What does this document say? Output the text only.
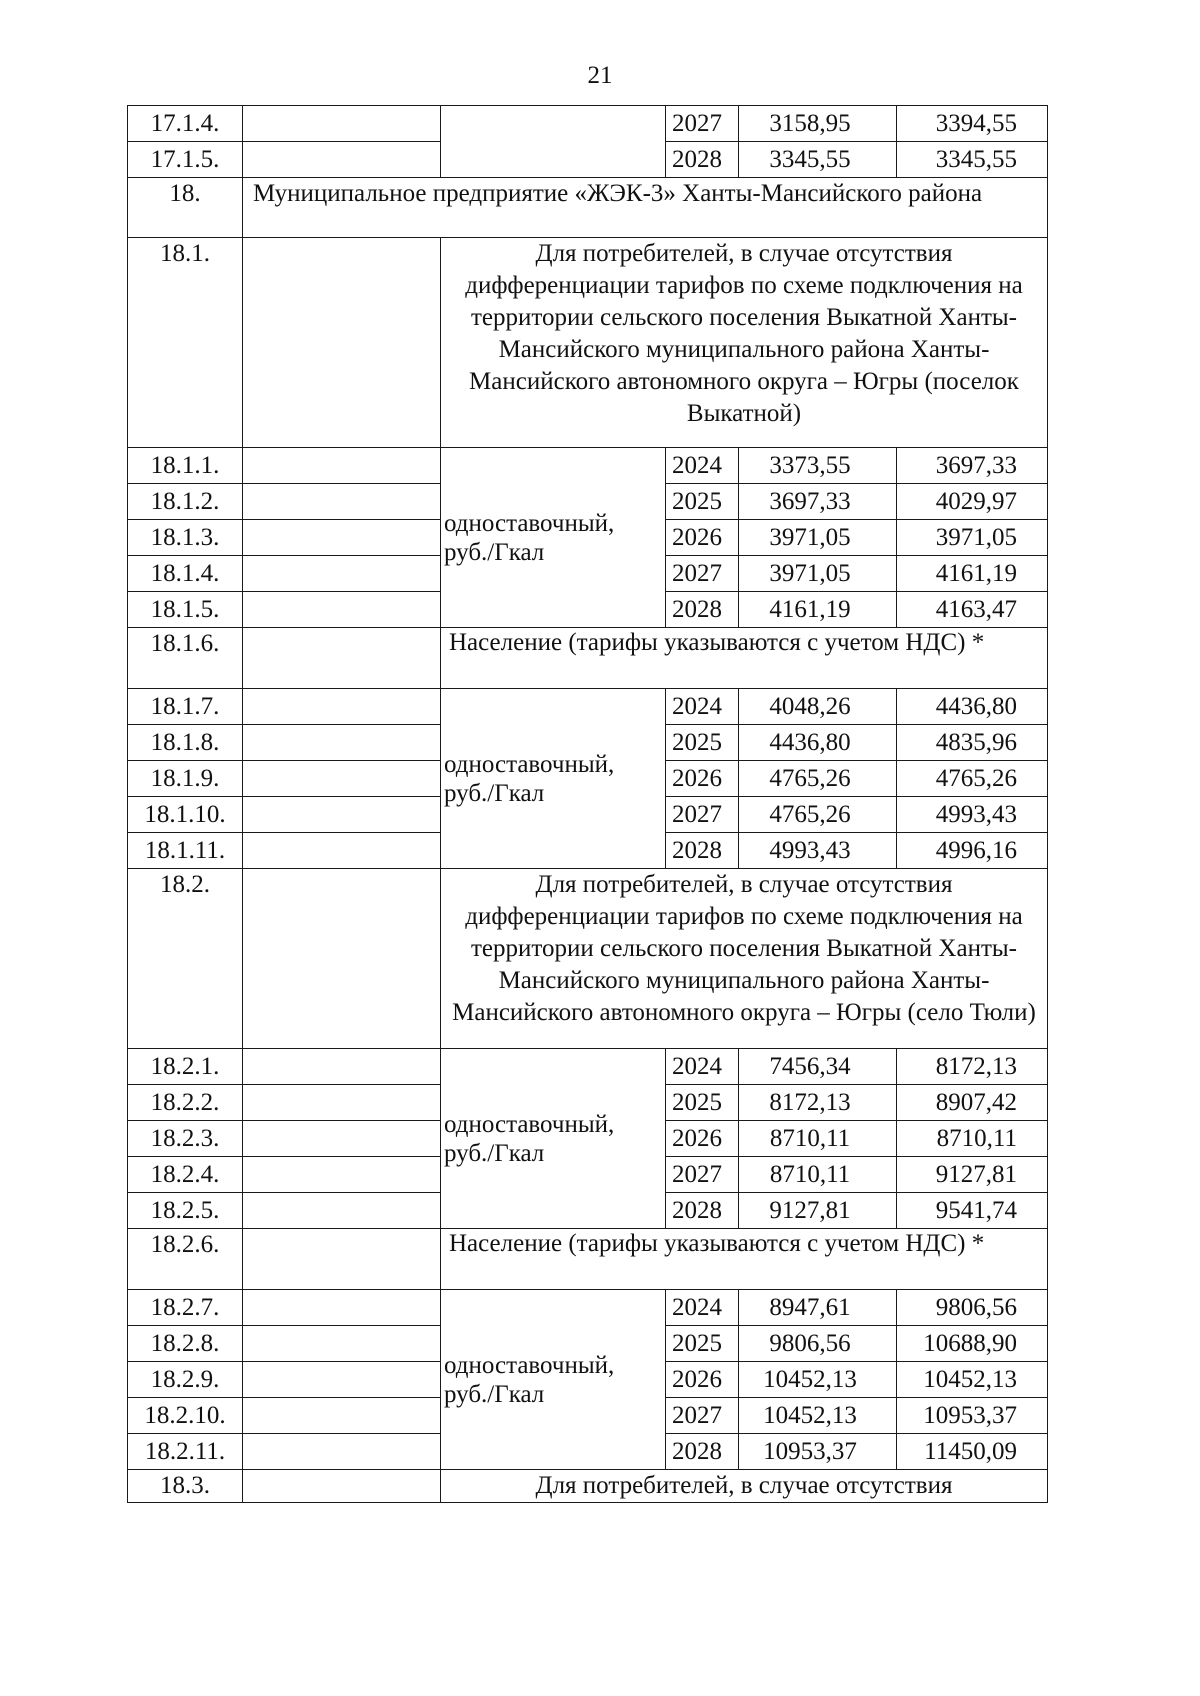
21
17.1.4.			2027	3158,95	3394,55
17.1.5.			2028	3345,55	3345,55
18.	Муниципальное предприятие «ЖЭК-3» Ханты-Мансийского района				
18.1.		Для потребителей, в случае отсутствия дифференциации тарифов по схеме подключения на территории сельского поселения Выкатной Ханты-Мансийского муниципального района Ханты-Мансийского автономного округа – Югры (поселок Выкатной)			
18.1.1.		одноставочный, руб./Гкал	2024	3373,55	3697,33
18.1.2.			2025	3697,33	4029,97
18.1.3.			2026	3971,05	3971,05
18.1.4.			2027	3971,05	4161,19
18.1.5.			2028	4161,19	4163,47
18.1.6.		Население (тарифы указываются с учетом НДС) *			
18.1.7.		одноставочный, руб./Гкал	2024	4048,26	4436,80
18.1.8.			2025	4436,80	4835,96
18.1.9.			2026	4765,26	4765,26
18.1.10.			2027	4765,26	4993,43
18.1.11.			2028	4993,43	4996,16
18.2.		Для потребителей, в случае отсутствия дифференциации тарифов по схеме подключения на территории сельского поселения Выкатной Ханты-Мансийского муниципального района Ханты-Мансийского автономного округа – Югры (село Тюли)			
18.2.1.		одноставочный, руб./Гкал	2024	7456,34	8172,13
18.2.2.			2025	8172,13	8907,42
18.2.3.			2026	8710,11	8710,11
18.2.4.			2027	8710,11	9127,81
18.2.5.			2028	9127,81	9541,74
18.2.6.		Население (тарифы указываются с учетом НДС) *			
18.2.7.		одноставочный, руб./Гкал	2024	8947,61	9806,56
18.2.8.			2025	9806,56	10688,90
18.2.9.			2026	10452,13	10452,13
18.2.10.			2027	10452,13	10953,37
18.2.11.			2028	10953,37	11450,09
18.3.		Для потребителей, в случае отсутствия			
